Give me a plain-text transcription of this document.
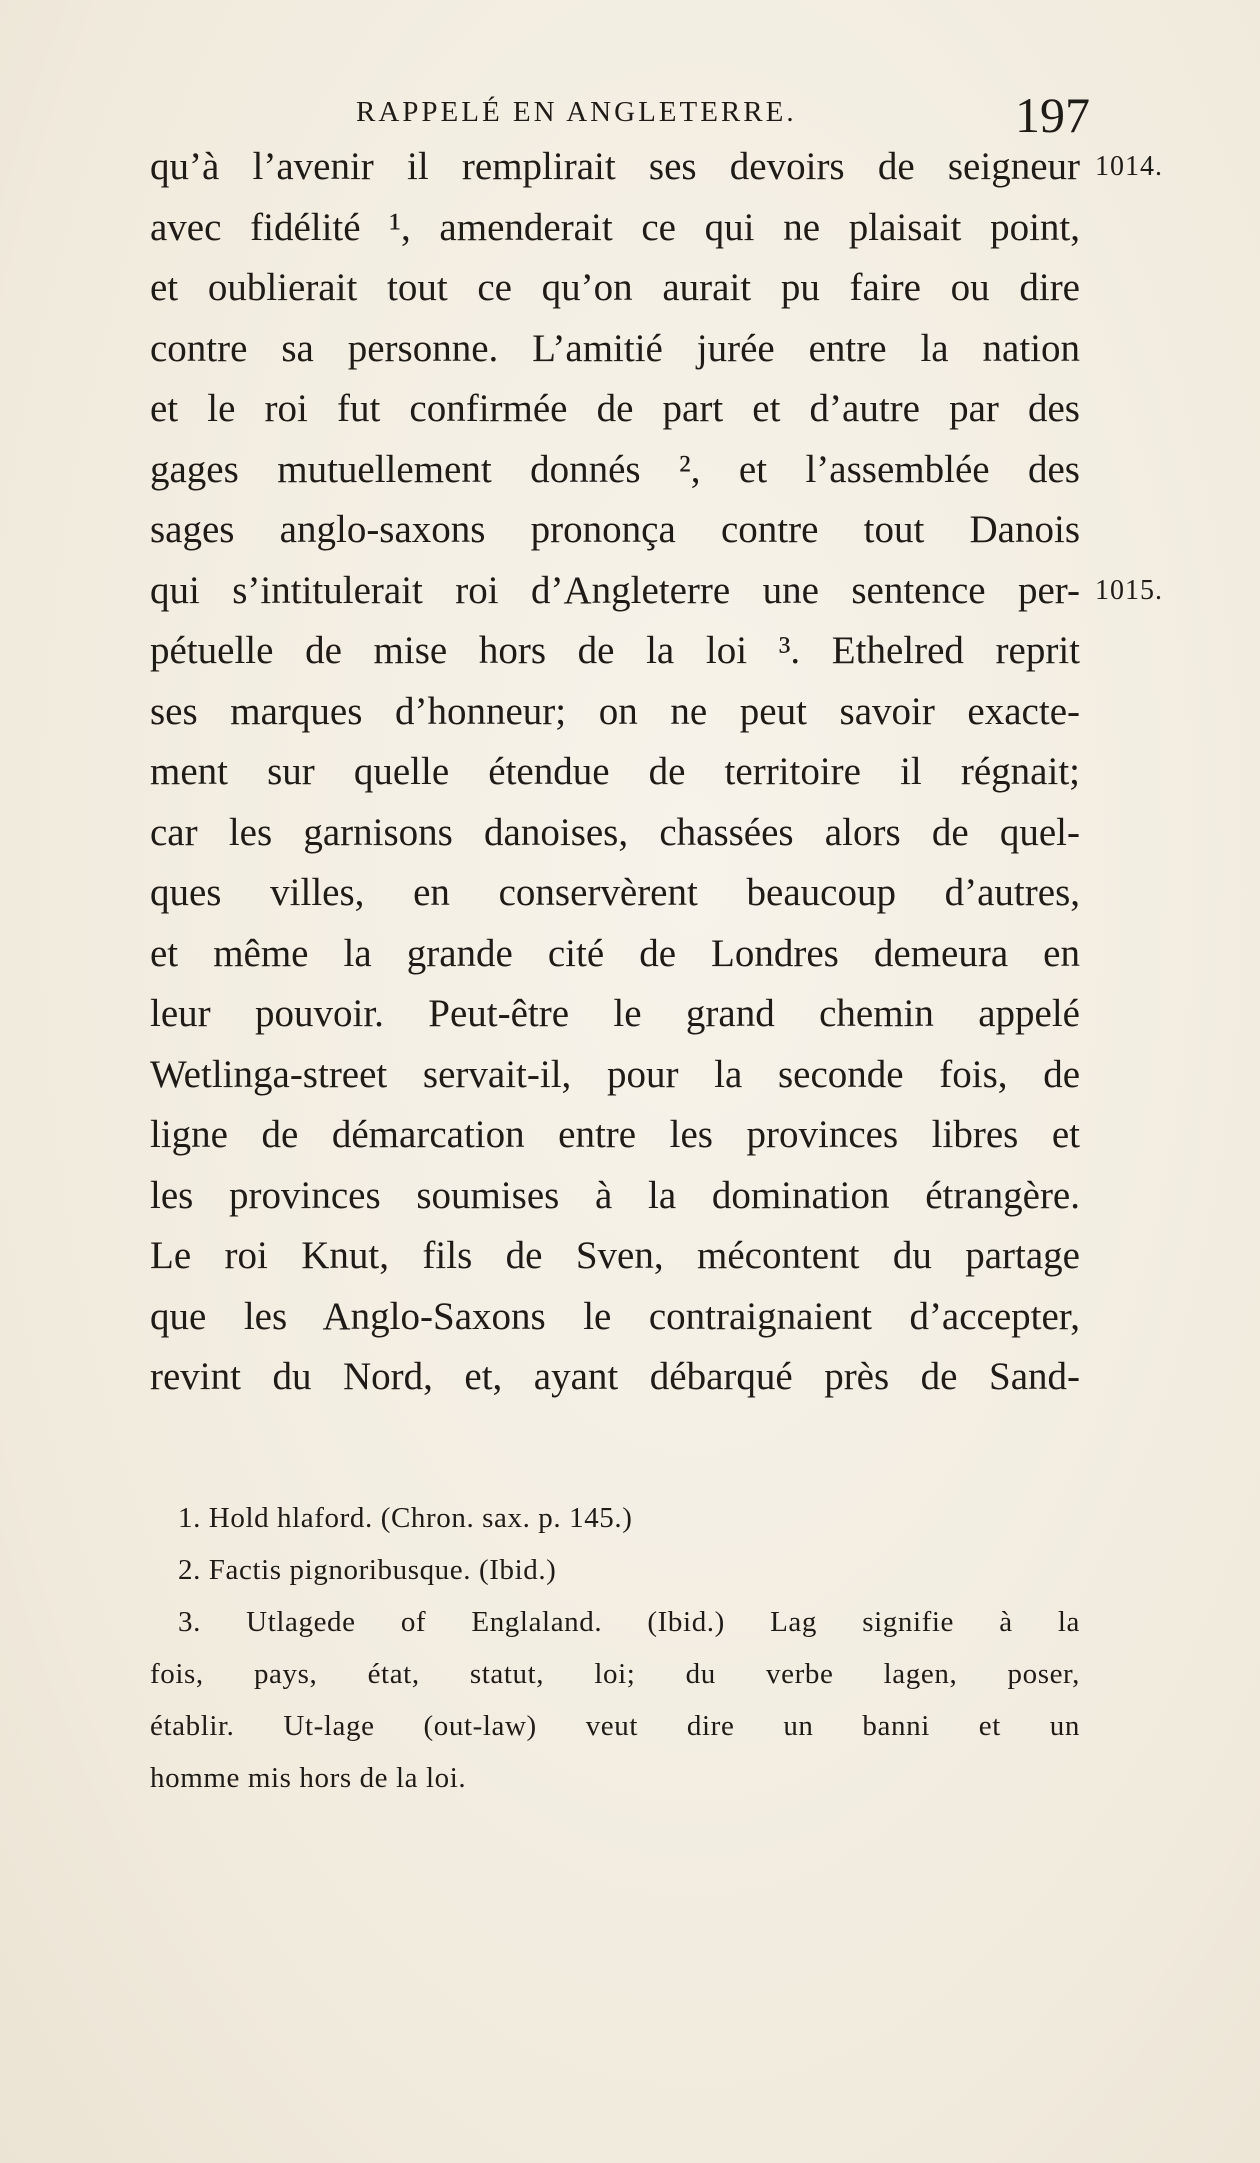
RAPPELÉ EN ANGLETERRE.	197
qu’à l’avenir il remplirait ses devoirs de seigneur 1014.
avec fidélité ¹, amenderait ce qui ne plaisait point,
et oublierait tout ce qu’on aurait pu faire ou dire
contre sa personne. L’amitié jurée entre la nation
et le roi fut confirmée de part et d’autre par des
gages mutuellement donnés ², et l’assemblée des
sages anglo-saxons prononça contre tout Danois
qui s’intitulerait roi d’Angleterre une sentence per- 1015.
pétuelle de mise hors de la loi ³. Ethelred reprit
ses marques d’honneur; on ne peut savoir exacte-
ment sur quelle étendue de territoire il régnait;
car les garnisons danoises, chassées alors de quel-
ques villes, en conservèrent beaucoup d’autres,
et même la grande cité de Londres demeura en
leur pouvoir. Peut-être le grand chemin appelé
Wetlinga-street servait-il, pour la seconde fois, de
ligne de démarcation entre les provinces libres et
les provinces soumises à la domination étrangère.
Le roi Knut, fils de Sven, mécontent du partage
que les Anglo-Saxons le contraignaient d’accepter,
revint du Nord, et, ayant débarqué près de Sand-
1. Hold hlaford. (Chron. sax. p. 145.)
2. Factis pignoribusque. (Ibid.)
3. Utlagede of Englaland. (Ibid.) Lag signifie à la
fois, pays, état, statut, loi; du verbe lagen, poser,
établir. Ut-lage (out-law) veut dire un banni et un
homme mis hors de la loi.
